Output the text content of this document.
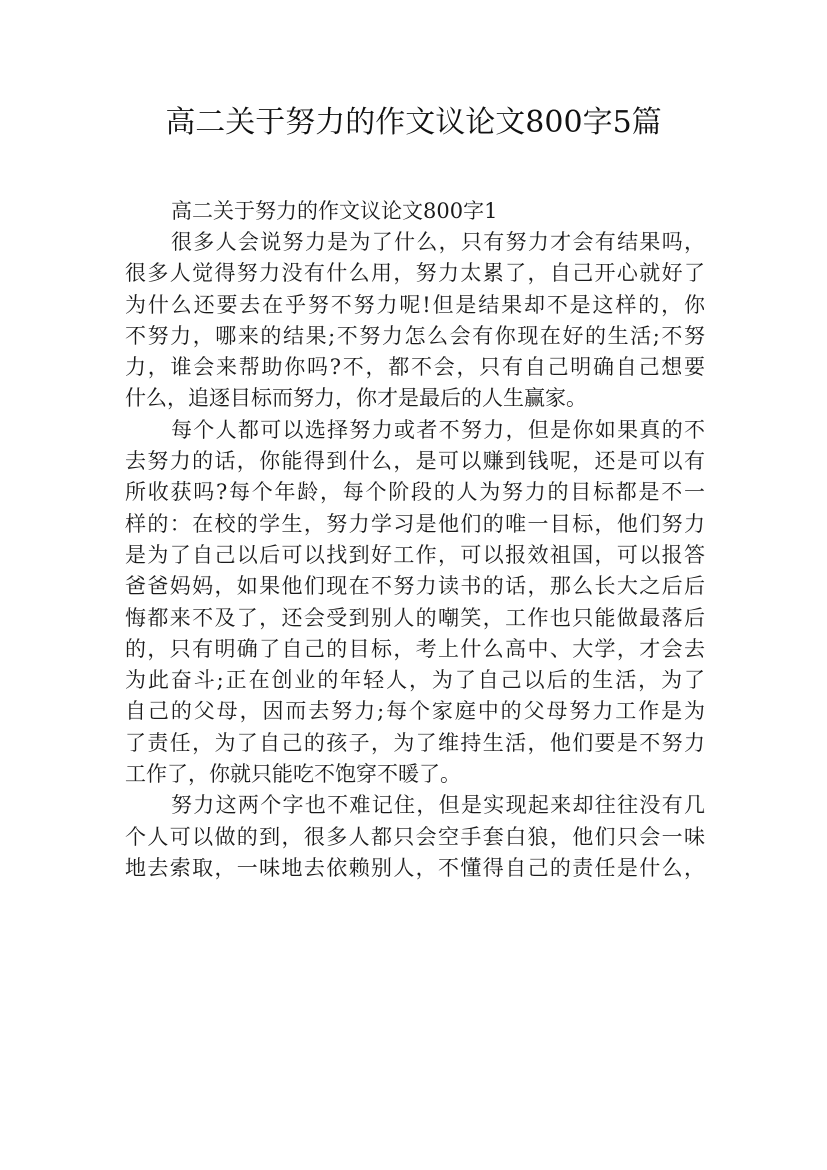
高二关于努力的作文议论文800字5篇

高二关于努力的作文议论文800字1

很多人会说努力是为了什么，只有努力才会有结果吗，
很多人觉得努力没有什么用，努力太累了，自己开心就好了
为什么还要去在乎努不努力呢!但是结果却不是这样的，你
不努力，哪来的结果;不努力怎么会有你现在好的生活;不努
力，谁会来帮助你吗?不，都不会，只有自己明确自己想要
什么，追逐目标而努力，你才是最后的人生赢家。

每个人都可以选择努力或者不努力，但是你如果真的不
去努力的话，你能得到什么，是可以赚到钱呢，还是可以有
所收获吗?每个年龄，每个阶段的人为努力的目标都是不一
样的：在校的学生，努力学习是他们的唯一目标，他们努力
是为了自己以后可以找到好工作，可以报效祖国，可以报答
爸爸妈妈，如果他们现在不努力读书的话，那么长大之后后
悔都来不及了，还会受到别人的嘲笑，工作也只能做最落后
的，只有明确了自己的目标，考上什么高中、大学，才会去
为此奋斗;正在创业的年轻人，为了自己以后的生活，为了
自己的父母，因而去努力;每个家庭中的父母努力工作是为
了责任，为了自己的孩子，为了维持生活，他们要是不努力
工作了，你就只能吃不饱穿不暖了。

努力这两个字也不难记住，但是实现起来却往往没有几
个人可以做的到，很多人都只会空手套白狼，他们只会一味
地去索取，一味地去依赖别人，不懂得自己的责任是什么，
